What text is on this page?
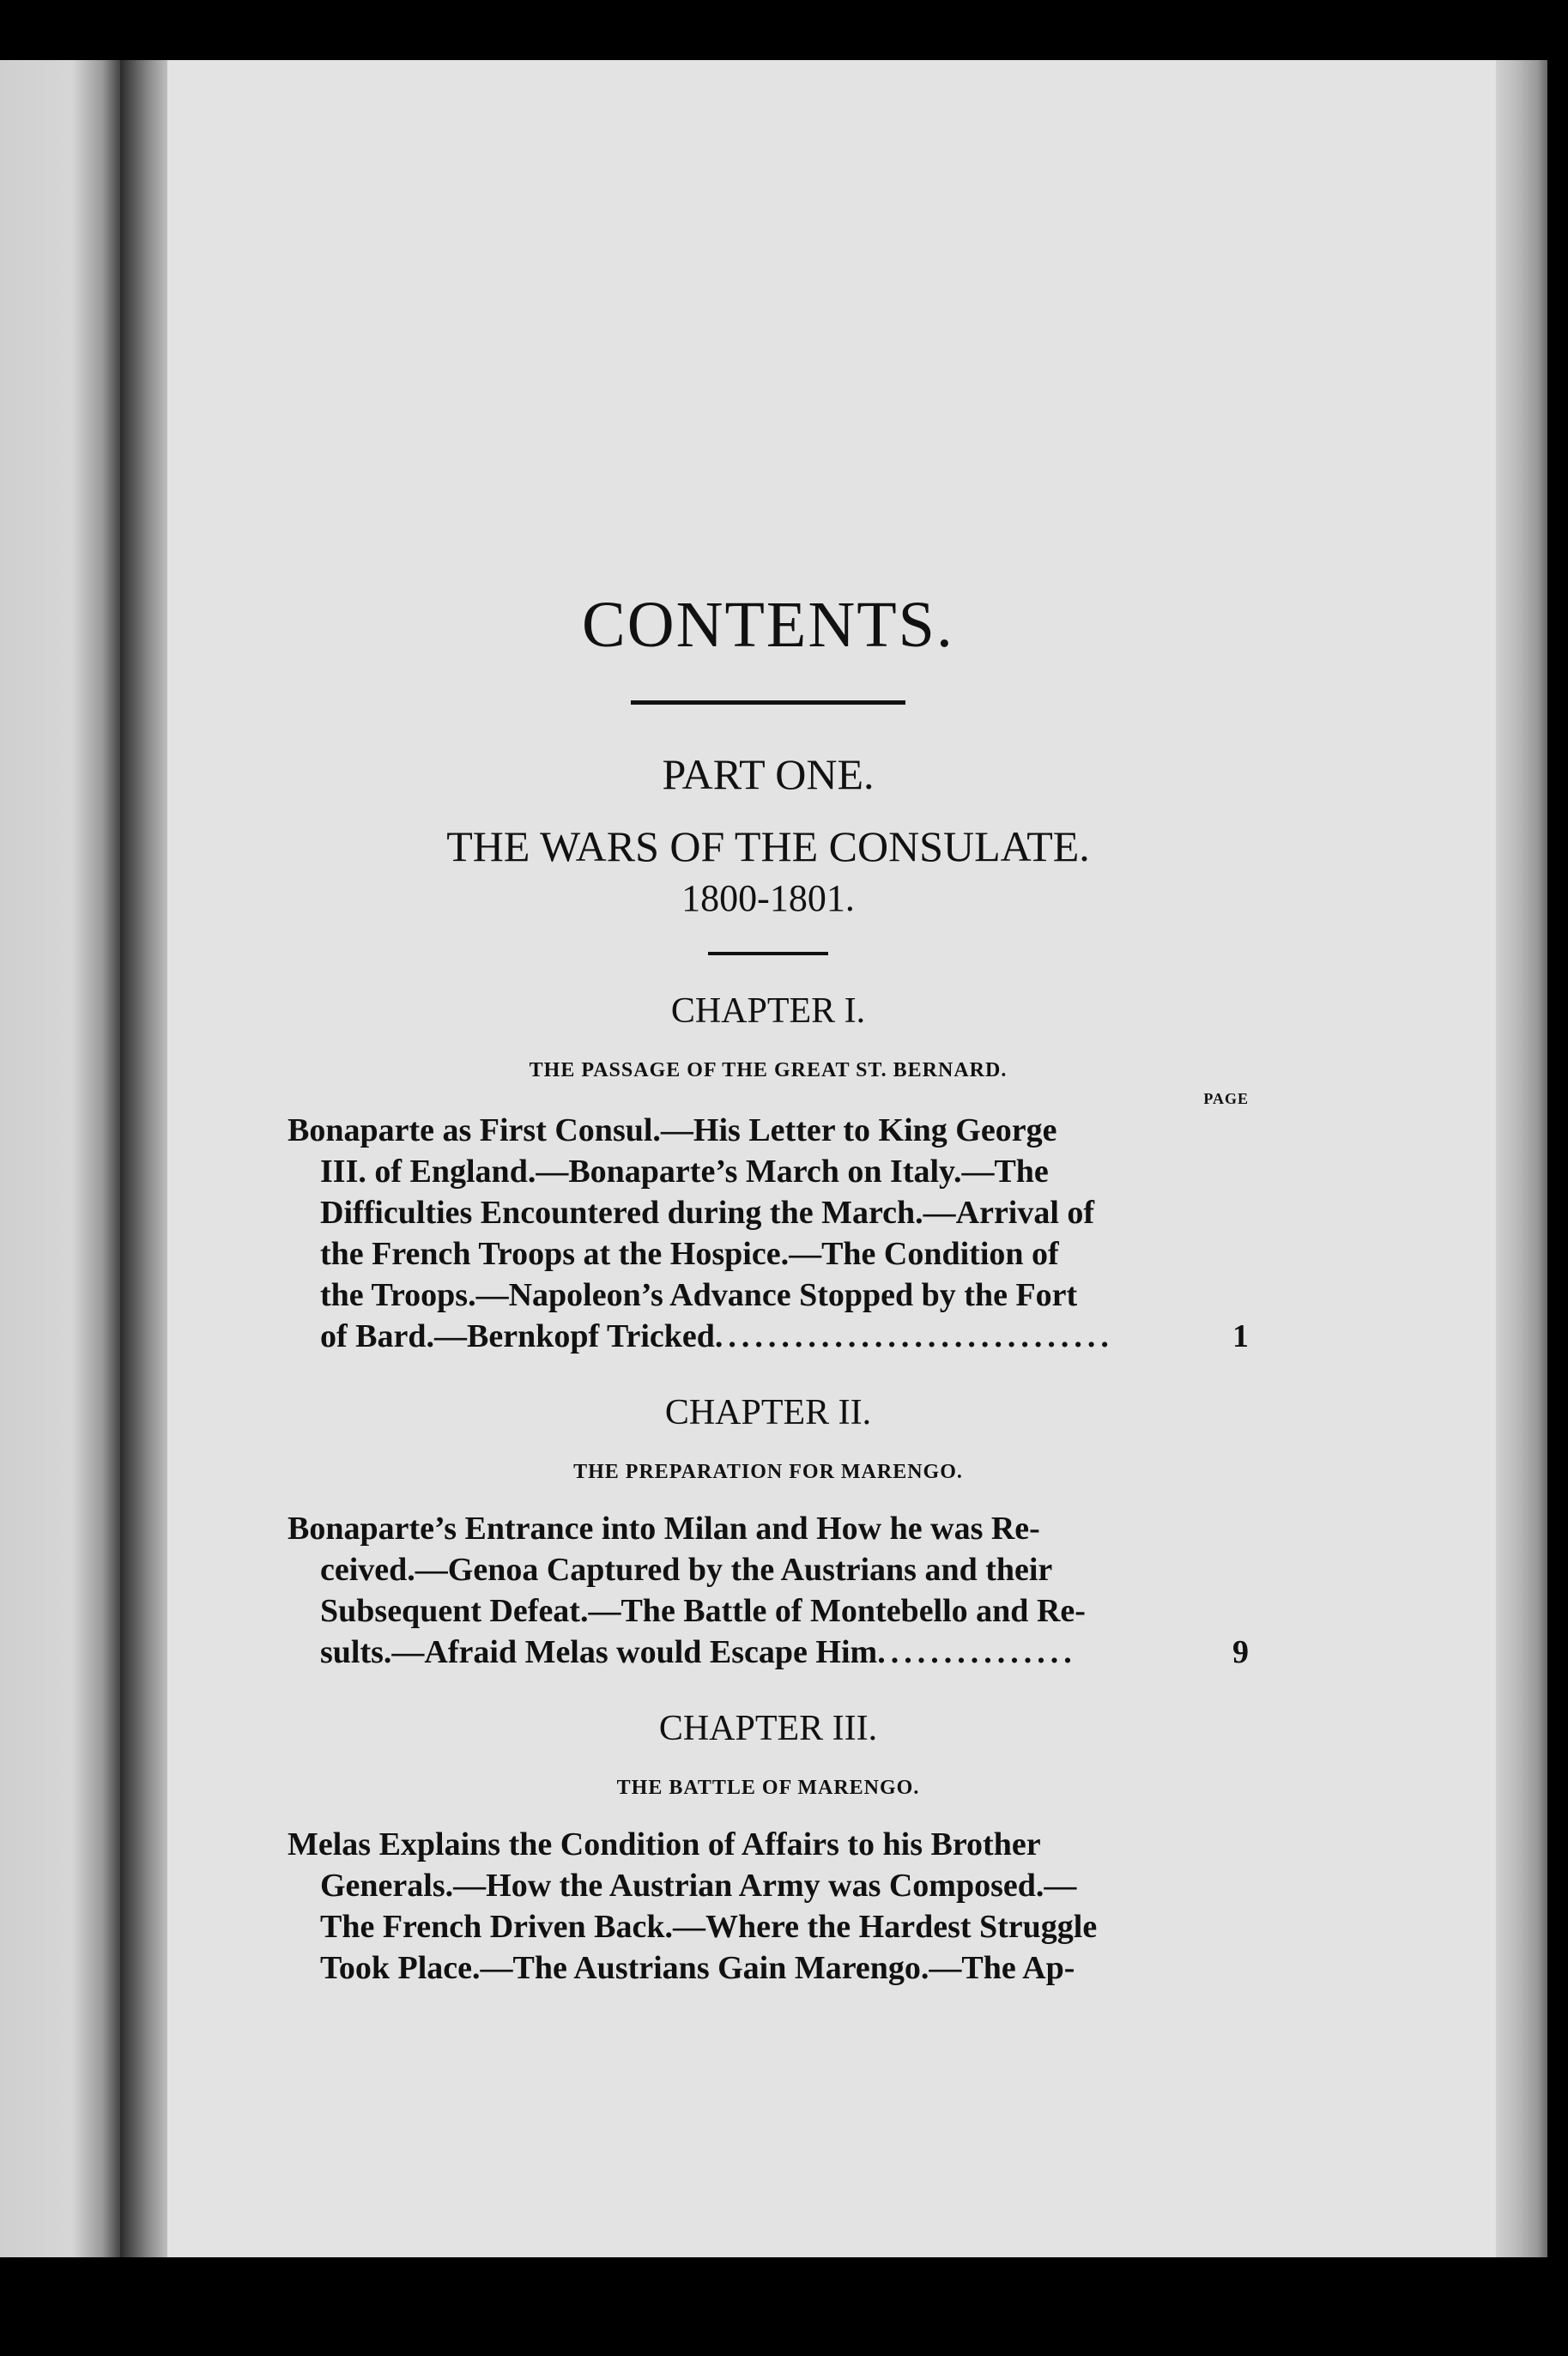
CONTENTS.
PART ONE.
THE WARS OF THE CONSULATE.
1800-1801.
CHAPTER I.
THE PASSAGE OF THE GREAT ST. BERNARD.
PAGE
Bonaparte as First Consul.—His Letter to King George
III. of England.—Bonaparte’s March on Italy.—The
Difficulties Encountered during the March.—Arrival of
the French Troops at the Hospice.—The Condition of
the Troops.—Napoleon’s Advance Stopped by the Fort
of Bard.—Bernkopf Tricked..............................	1
CHAPTER II.
THE PREPARATION FOR MARENGO.
Bonaparte’s Entrance into Milan and How he was Re-
ceived.—Genoa Captured by the Austrians and their
Subsequent Defeat.—The Battle of Montebello and Re-
sults.—Afraid Melas would Escape Him...............	9
CHAPTER III.
THE BATTLE OF MARENGO.
Melas Explains the Condition of Affairs to his Brother
Generals.—How the Austrian Army was Composed.—
The French Driven Back.—Where the Hardest Struggle
Took Place.—The Austrians Gain Marengo.—The Ap-
